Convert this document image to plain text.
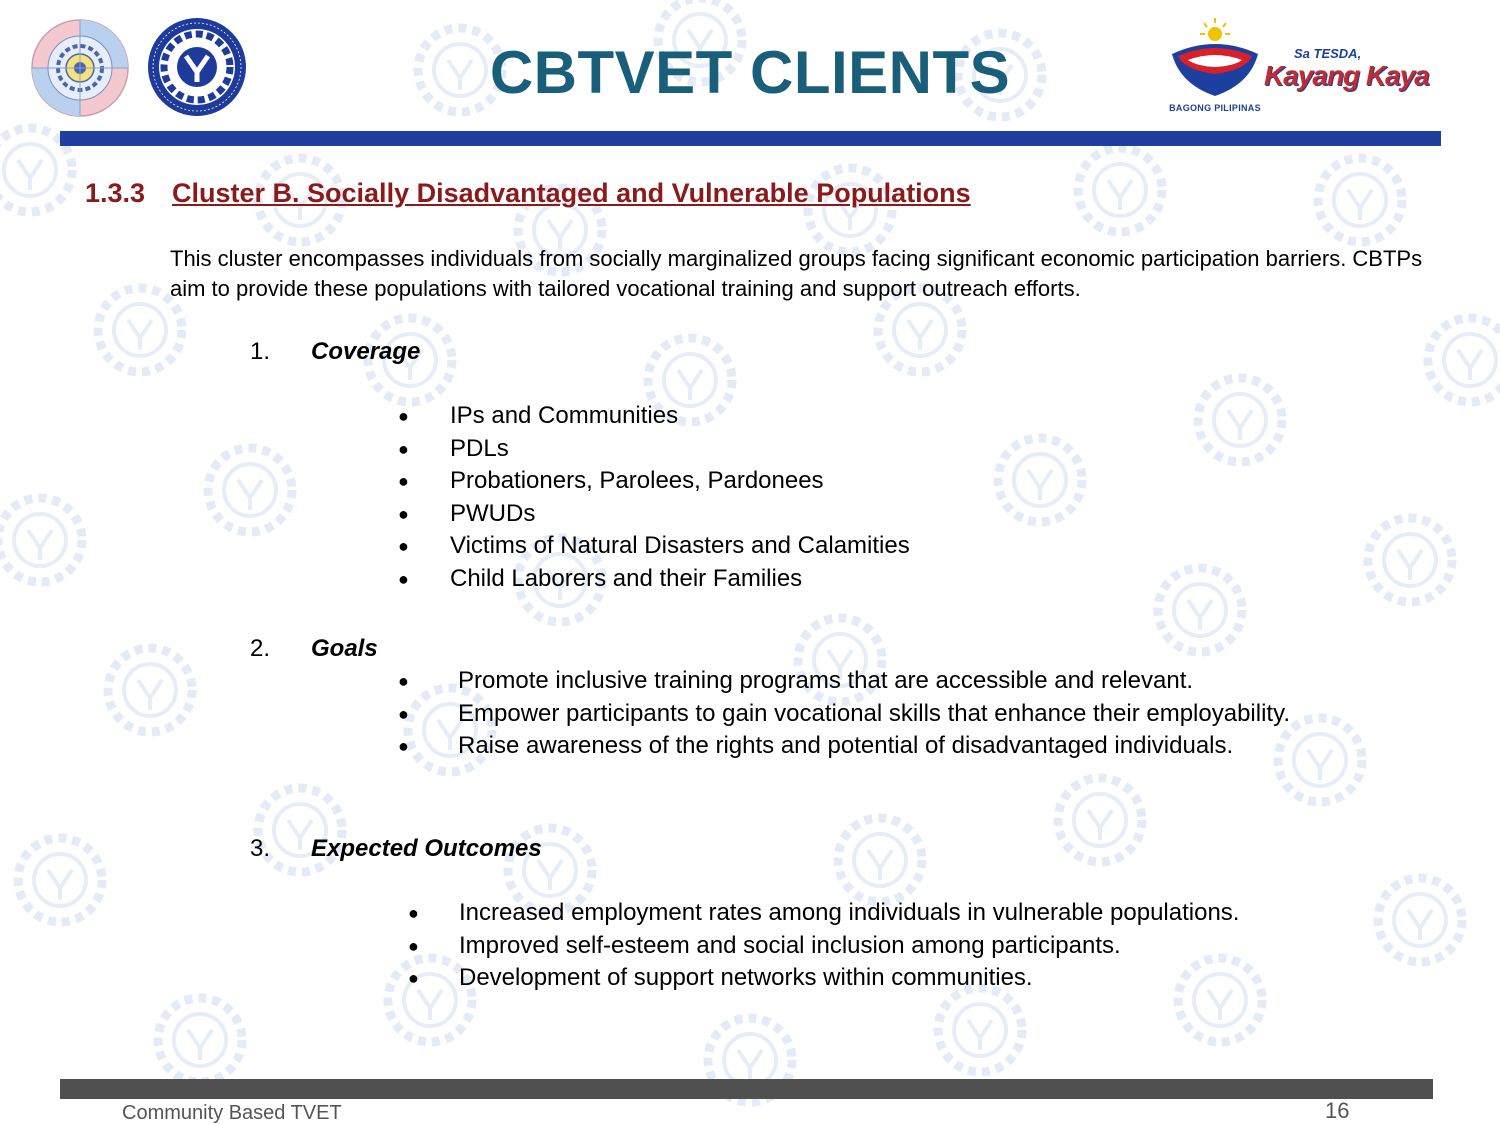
CBTVET CLIENTS
BAGONG PILIPINAS
Sa TESDA,
Kayang Kaya
1.3.3 Cluster B. Socially Disadvantaged and Vulnerable Populations
This cluster encompasses individuals from socially marginalized groups facing significant economic participation barriers. CBTPs aim to provide these populations with tailored vocational training and support outreach efforts.
1. Coverage
● IPs and Communities
● PDLs
● Probationers, Parolees, Pardonees
● PWUDs
● Victims of Natural Disasters and Calamities
● Child Laborers and their Families
2. Goals
● Promote inclusive training programs that are accessible and relevant.
● Empower participants to gain vocational skills that enhance their employability.
● Raise awareness of the rights and potential of disadvantaged individuals.
3. Expected Outcomes
● Increased employment rates among individuals in vulnerable populations.
● Improved self-esteem and social inclusion among participants.
● Development of support networks within communities.
Community Based TVET	16
